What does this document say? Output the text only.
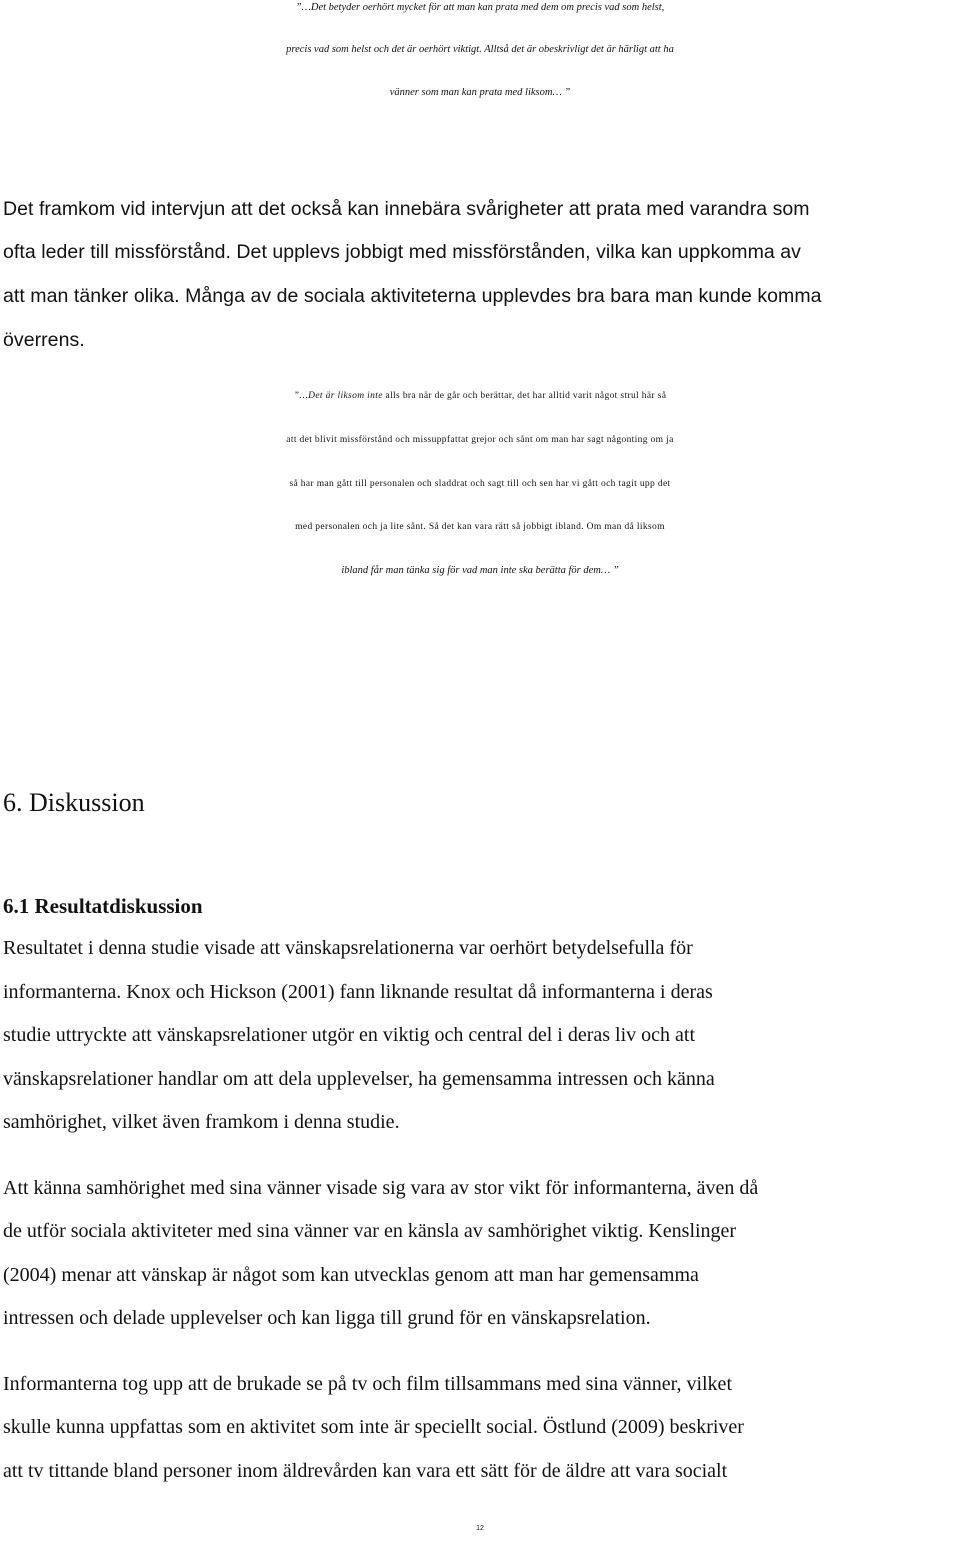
”…Det betyder oerhört mycket för att man kan prata med dem om precis vad som helst,
precis vad som helst och det är oerhört viktigt. Alltså det är obeskrivligt det är härligt att ha
vänner som man kan prata med liksom… ”
Det framkom vid intervjun att det också kan innebära svårigheter att prata med varandra som
ofta leder till missförstånd. Det upplevs jobbigt med missförstånden, vilka kan uppkomma av
att man tänker olika. Många av de sociala aktiviteterna upplevdes bra bara man kunde komma
överrens.
”…Det är liksom inte alls bra när de går och berättar, det har alltid varit något strul här så
att det blivit missförstånd och missuppfattat grejor och sånt om man har sagt någonting om ja
så har man gått till personalen och sladdrat och sagt till och sen har vi gått och tagit upp det
med personalen och ja lite sånt. Så det kan vara rätt så jobbigt ibland. Om man då liksom
ibland får man tänka sig för vad man inte ska berätta för dem… ”
6. Diskussion
6.1 Resultatdiskussion
Resultatet i denna studie visade att vänskapsrelationerna var oerhört betydelsefulla för
informanterna. Knox och Hickson (2001) fann liknande resultat då informanterna i deras
studie uttryckte att vänskapsrelationer utgör en viktig och central del i deras liv och att
vänskapsrelationer handlar om att dela upplevelser, ha gemensamma intressen och känna
samhörighet, vilket även framkom i denna studie.
Att känna samhörighet med sina vänner visade sig vara av stor vikt för informanterna, även då
de utför sociala aktiviteter med sina vänner var en känsla av samhörighet viktig. Kenslinger
(2004) menar att vänskap är något som kan utvecklas genom att man har gemensamma
intressen och delade upplevelser och kan ligga till grund för en vänskapsrelation.
Informanterna tog upp att de brukade se på tv och film tillsammans med sina vänner, vilket
skulle kunna uppfattas som en aktivitet som inte är speciellt social. Östlund (2009) beskriver
att tv tittande bland personer inom äldrevården kan vara ett sätt för de äldre att vara socialt
12
